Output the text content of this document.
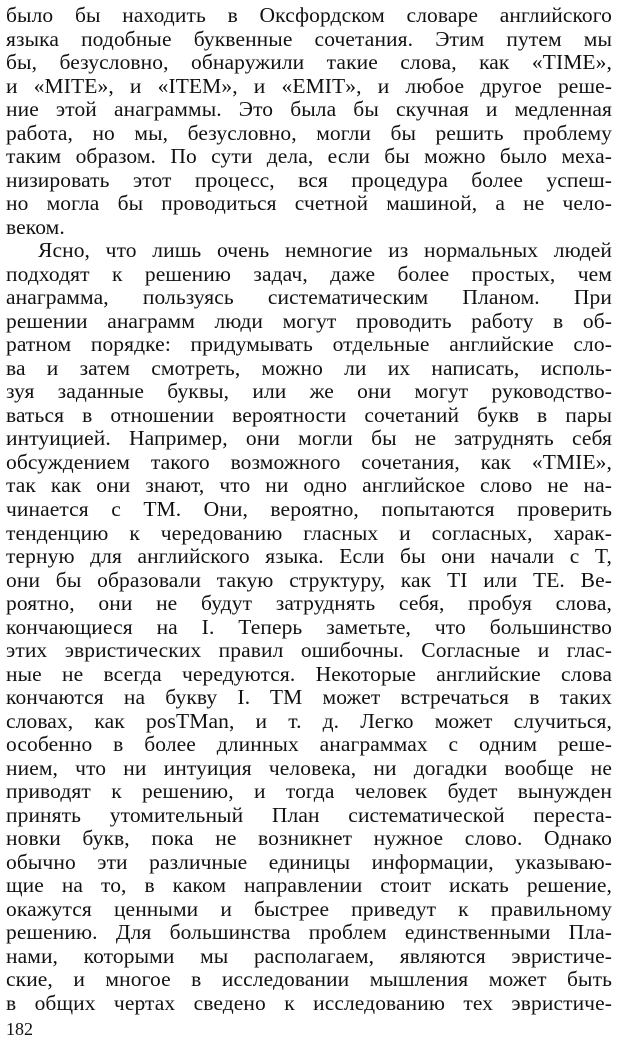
было бы находить в Оксфордском словаре английского
языка подобные буквенные сочетания. Этим путем мы
бы, безусловно, обнаружили такие слова, как «TIME»,
и «MITE», и «ITEM», и «EMIT», и любое другое реше-
ние этой анаграммы. Это была бы скучная и медленная
работа, но мы, безусловно, могли бы решить проблему
таким образом. По сути дела, если бы можно было меха-
низировать этот процесс, вся процедура более успеш-
но могла бы проводиться счетной машиной, а не чело-
веком.
Ясно, что лишь очень немногие из нормальных людей
подходят к решению задач, даже более простых, чем
анаграмма, пользуясь систематическим Планом. При
решении анаграмм люди могут проводить работу в об-
ратном порядке: придумывать отдельные английские сло-
ва и затем смотреть, можно ли их написать, исполь-
зуя заданные буквы, или же они могут руководство-
ваться в отношении вероятности сочетаний букв в пары
интуицией. Например, они могли бы не затруднять себя
обсуждением такого возможного сочетания, как «TMIE»,
так как они знают, что ни одно английское слово не на-
чинается с TM. Они, вероятно, попытаются проверить
тенденцию к чередованию гласных и согласных, харак-
терную для английского языка. Если бы они начали с T,
они бы образовали такую структуру, как TI или TE. Ве-
роятно, они не будут затруднять себя, пробуя слова,
кончающиеся на I. Теперь заметьте, что большинство
этих эвристических правил ошибочны. Согласные и глас-
ные не всегда чередуются. Некоторые английские слова
кончаются на букву I. TM может встречаться в таких
словах, как posTMan, и т. д. Легко может случиться,
особенно в более длинных анаграммах с одним реше-
нием, что ни интуиция человека, ни догадки вообще не
приводят к решению, и тогда человек будет вынужден
принять утомительный План систематической переста-
новки букв, пока не возникнет нужное слово. Однако
обычно эти различные единицы информации, указываю-
щие на то, в каком направлении стоит искать решение,
окажутся ценными и быстрее приведут к правильному
решению. Для большинства проблем единственными Пла-
нами, которыми мы располагаем, являются эвристиче-
ские, и многое в исследовании мышления может быть
в общих чертах сведено к исследованию тех эвристиче-
182
